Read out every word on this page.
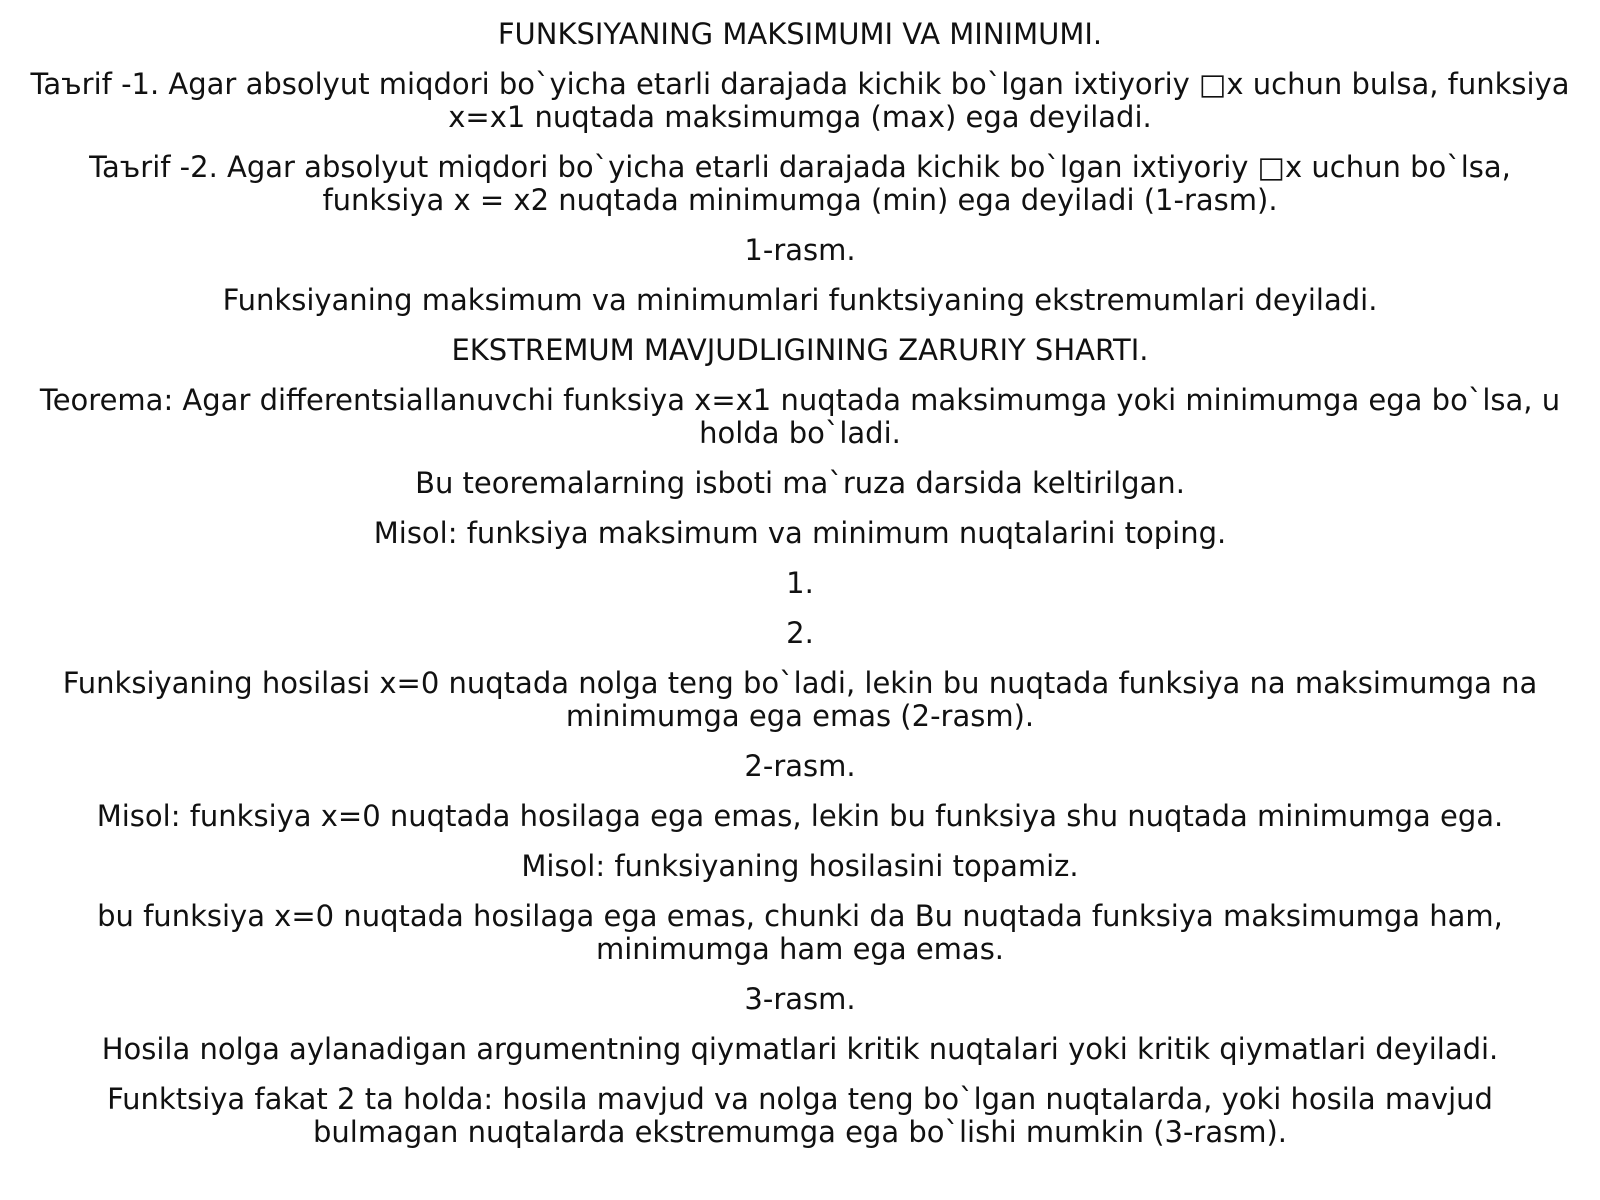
FUNKSIYANING MAKSIMUMI VA MINIMUMI.

Taъrif -1. Agar absolyut miqdori bo`yicha etarli darajada kichik bo`lgan ixtiyoriy □x uchun bulsa, funksiya x=x1 nuqtada maksimumga (max) ega deyiladi.

Taъrif -2. Agar absolyut miqdori bo`yicha etarli darajada kichik bo`lgan ixtiyoriy □x uchun bo`lsa, funksiya x = x2 nuqtada minimumga (min) ega deyiladi (1-rasm).

1-rasm.

Funksiyaning maksimum va minimumlari funktsiyaning ekstremumlari deyiladi.

EKSTREMUM MAVJUDLIGINING ZARURIY SHARTI.

Teorema: Agar differentsiallanuvchi funksiya x=x1 nuqtada maksimumga yoki minimumga ega bo`lsa, u holda bo`ladi.

Bu teoremalarning isboti ma`ruza darsida keltirilgan.

Misol: funksiya maksimum va minimum nuqtalarini toping.

1.

2.

Funksiyaning hosilasi x=0 nuqtada nolga teng bo`ladi, lekin bu nuqtada funksiya na maksimumga na minimumga ega emas (2-rasm).

2-rasm.

Misol: funksiya x=0 nuqtada hosilaga ega emas, lekin bu funksiya shu nuqtada minimumga ega.

Misol: funksiyaning hosilasini topamiz.

bu funksiya x=0 nuqtada hosilaga ega emas, chunki da Bu nuqtada funksiya maksimumga ham, minimumga ham ega emas.

3-rasm.

Hosila nolga aylanadigan argumentning qiymatlari kritik nuqtalari yoki kritik qiymatlari deyiladi.

Funktsiya fakat 2 ta holda: hosila mavjud va nolga teng bo`lgan nuqtalarda, yoki hosila mavjud bulmagan nuqtalarda ekstremumga ega bo`lishi mumkin (3-rasm).
